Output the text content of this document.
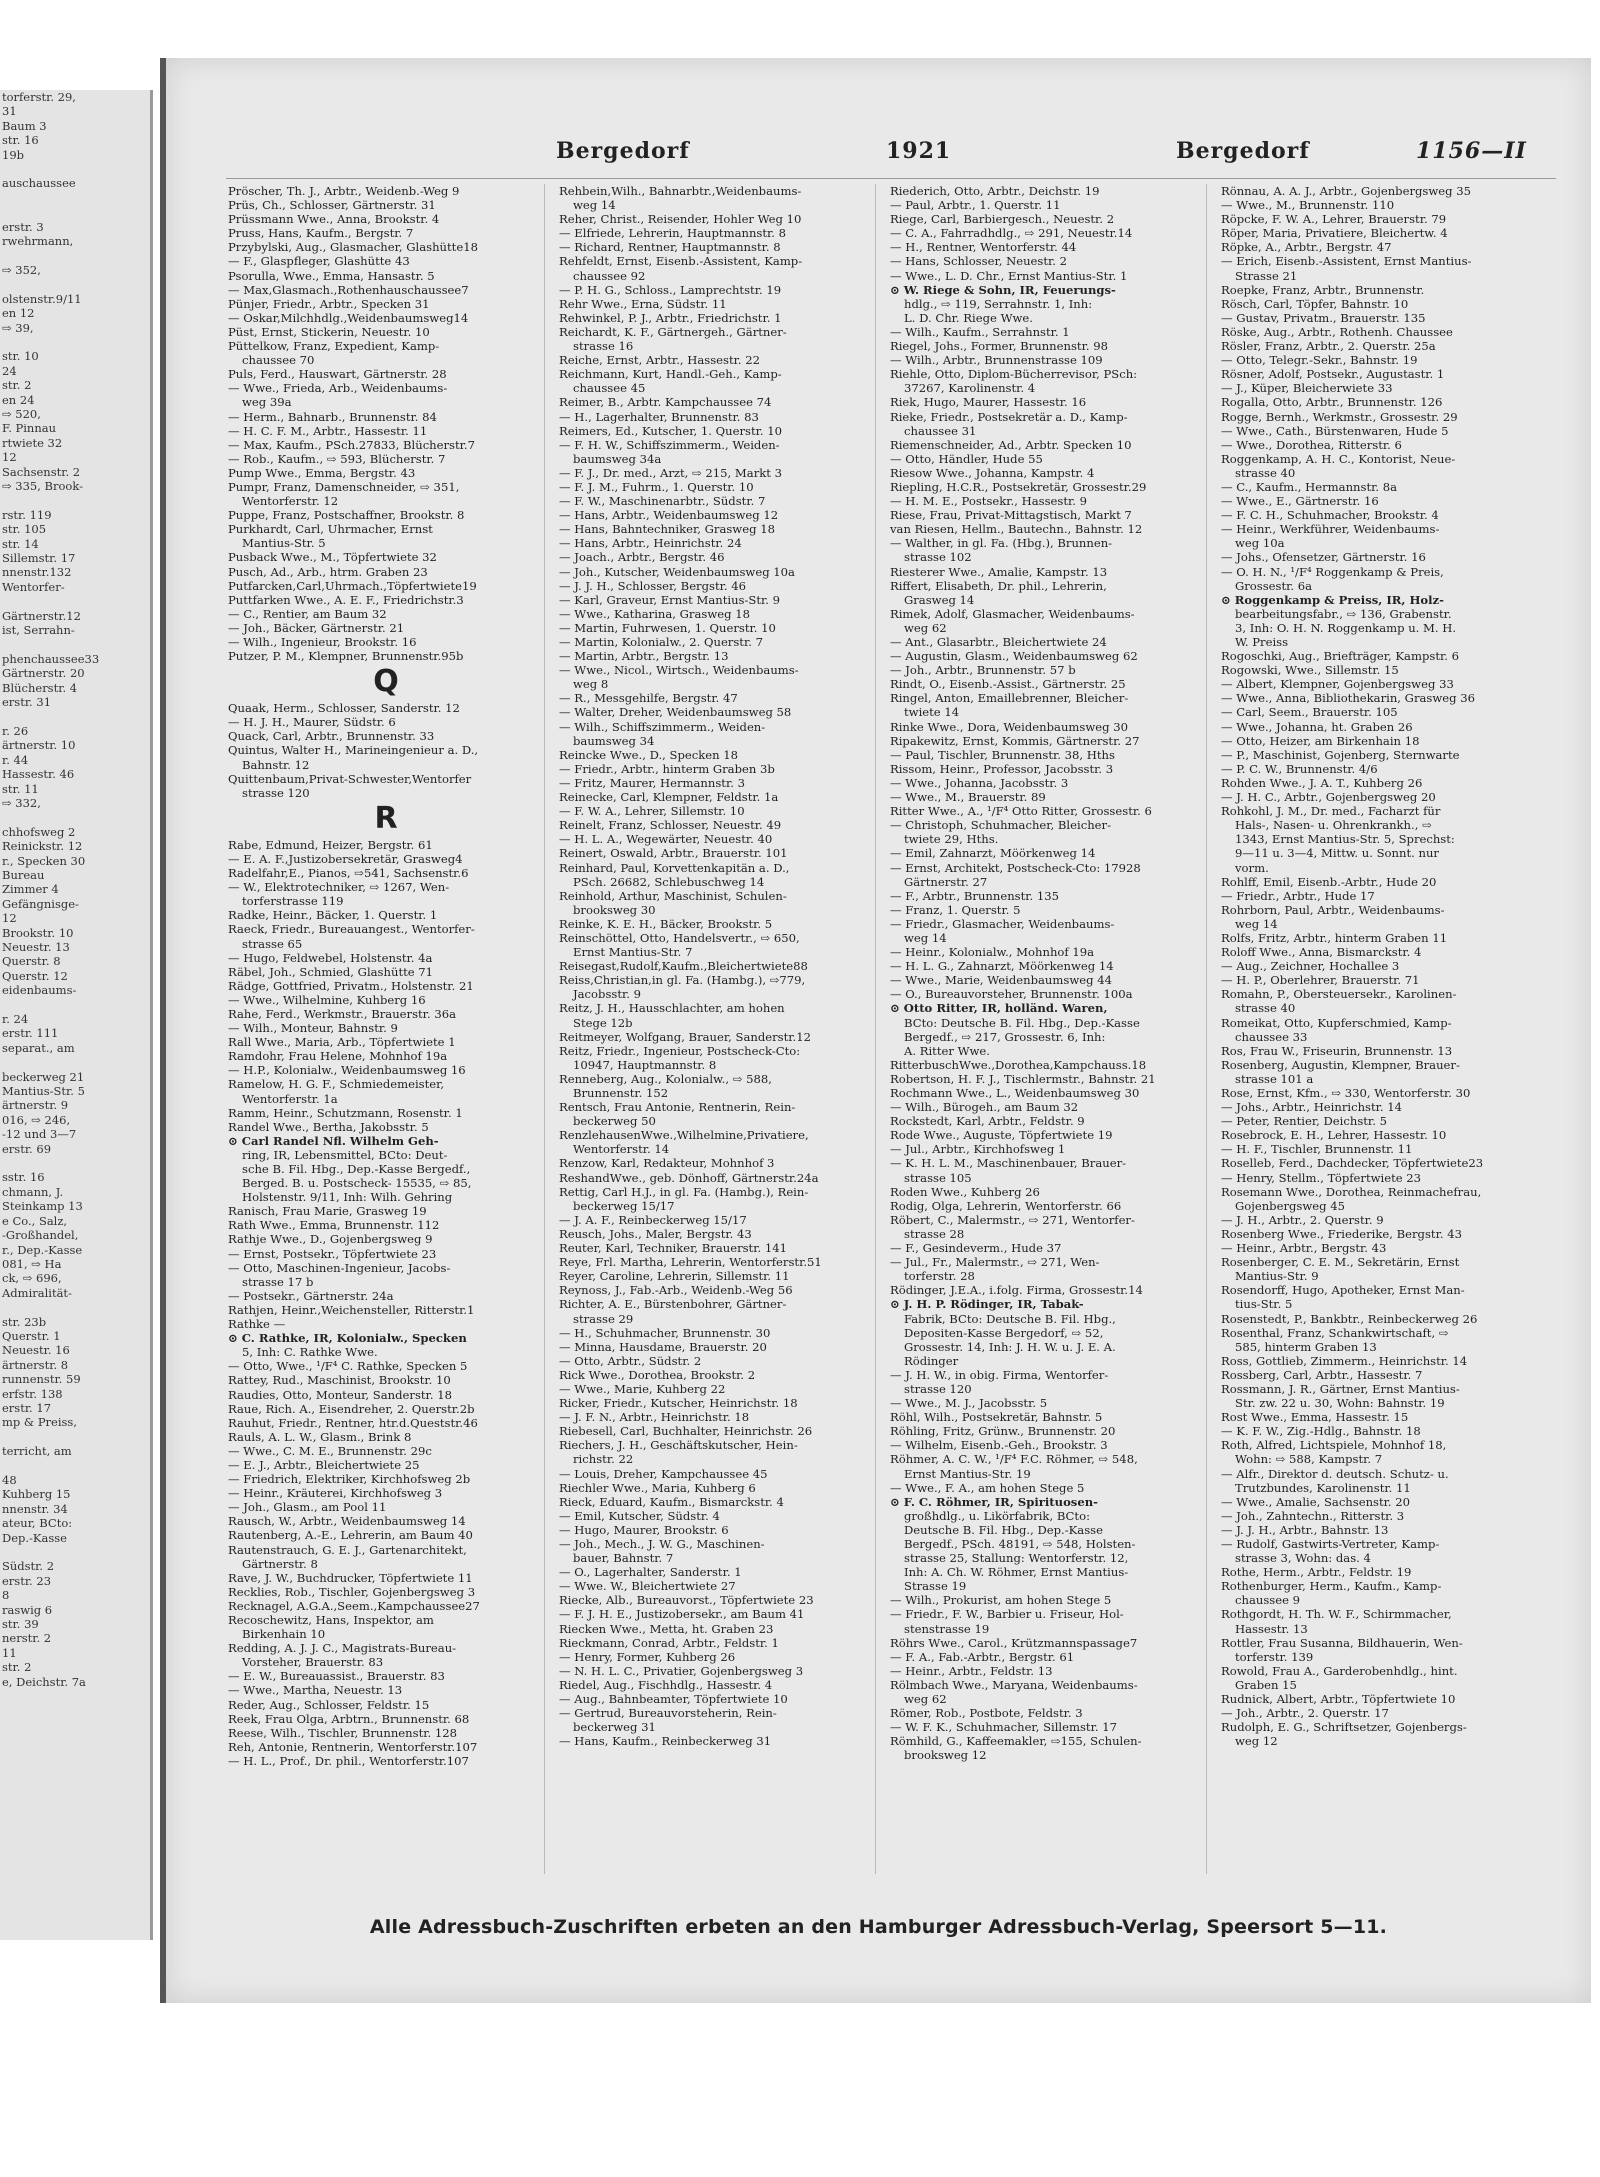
torferstr. 29,
31
Baum 3
str. 16
19b

auschaussee

erstr. 3
rwehrmann,

⇨ 352,

olstenstr.9/11
en 12
⇨ 39,

str. 10
24
str. 2
en 24
⇨ 520,
F. Pinnau
rtwiete 32
12
Sachsenstr. 2
⇨ 335, Brook-

rstr. 119
str. 105
str. 14
Sillemstr. 17
nnenstr.132
Wentorfer-

Gärtnerstr.12
ist, Serrahn-

phenchaussee33
Gärtnerstr. 20
Blücherstr. 4
erstr. 31

r. 26
ärtnerstr. 10
r. 44
Hassestr. 46
str. 11
⇨ 332,

chhofsweg 2
Reinickstr. 12
r., Specken 30
Bureau
Zimmer 4
Gefängnisge-
12
Brookstr. 10
Neuestr. 13
Querstr. 8
Querstr. 12
eidenbaums-

r. 24
erstr. 111
separat., am

beckerweg 21
Mantius-Str. 5
ärtnerstr. 9
016, ⇨ 246,
-12 und 3—7
erstr. 69

sstr. 16
chmann, J.
Steinkamp 13
e Co., Salz,
-Großhandel,
r., Dep.-Kasse
081, ⇨ Ha
ck, ⇨ 696,
Admiralität-

str. 23b
Querstr. 1
Neuestr. 16
ärtnerstr. 8
runnenstr. 59
erfstr. 138
erstr. 17
mp & Preiss,

terricht, am

48
Kuhberg 15
nnenstr. 34
ateur, BCto:
Dep.-Kasse

Südstr. 2
erstr. 23
8
raswig 6
str. 39
nerstr. 2
11
str. 2
e, Deichstr. 7a
Bergedorf	1921	Bergedorf	1156—II
Pröscher, Th. J., Arbtr., Weidenb.-Weg 9
Prüs, Ch., Schlosser, Gärtnerstr. 31
Prüssmann Wwe., Anna, Brookstr. 4
Pruss, Hans, Kaufm., Bergstr. 7
Przybylski, Aug., Glasmacher, Glashütte18
— F., Glaspfleger, Glashütte 43
Psorulla, Wwe., Emma, Hansastr. 5
— Max,Glasmach.,Rothenhauschaussee7
Pünjer, Friedr., Arbtr., Specken 31
— Oskar,Milchhdlg.,Weidenbaumsweg14
Püst, Ernst, Stickerin, Neuestr. 10
Püttelkow, Franz, Expedient, Kamp-
chaussee 70
Puls, Ferd., Hauswart, Gärtnerstr. 28
— Wwe., Frieda, Arb., Weidenbaums-
weg 39a
— Herm., Bahnarb., Brunnenstr. 84
— H. C. F. M., Arbtr., Hassestr. 11
— Max, Kaufm., PSch.27833, Blücherstr.7
— Rob., Kaufm., ⇨ 593, Blücherstr. 7
Pump Wwe., Emma, Bergstr. 43
Pumpr, Franz, Damenschneider, ⇨ 351,
Wentorferstr. 12
Puppe, Franz, Postschaffner, Brookstr. 8
Purkhardt, Carl, Uhrmacher, Ernst
Mantius-Str. 5
Pusback Wwe., M., Töpfertwiete 32
Pusch, Ad., Arb., htrm. Graben 23
Putfarcken,Carl,Uhrmach.,Töpfertwiete19
Puttfarken Wwe., A. E. F., Friedrichstr.3
— C., Rentier, am Baum 32
— Joh., Bäcker, Gärtnerstr. 21
— Wilh., Ingenieur, Brookstr. 16
Putzer, P. M., Klempner, Brunnenstr.95b
Q
Quaak, Herm., Schlosser, Sanderstr. 12
— H. J. H., Maurer, Südstr. 6
Quack, Carl, Arbtr., Brunnenstr. 33
Quintus, Walter H., Marineingenieur a. D.,
Bahnstr. 12
Quittenbaum,Privat-Schwester,Wentorfer
strasse 120
R
Rabe, Edmund, Heizer, Bergstr. 61
— E. A. F.,Justizobersekretär, Grasweg4
Radelfahr,E., Pianos, ⇨541, Sachsenstr.6
— W., Elektrotechniker, ⇨ 1267, Wen-
torferstrasse 119
Radke, Heinr., Bäcker, 1. Querstr. 1
Raeck, Friedr., Bureauangest., Wentorfer-
strasse 65
— Hugo, Feldwebel, Holstenstr. 4a
Räbel, Joh., Schmied, Glashütte 71
Rädge, Gottfried, Privatm., Holstenstr. 21
— Wwe., Wilhelmine, Kuhberg 16
Rahe, Ferd., Werkmstr., Brauerstr. 36a
— Wilh., Monteur, Bahnstr. 9
Rall Wwe., Maria, Arb., Töpfertwiete 1
Ramdohr, Frau Helene, Mohnhof 19a
— H.P., Kolonialw., Weidenbaumsweg 16
Ramelow, H. G. F., Schmiedemeister,
Wentorferstr. 1a
Ramm, Heinr., Schutzmann, Rosenstr. 1
Randel Wwe., Bertha, Jakobsstr. 5
⊙ Carl Randel Nfl. Wilhelm Geh-
ring, IR, Lebensmittel, BCto: Deut-
sche B. Fil. Hbg., Dep.-Kasse Bergedf.,
Berged. B. u. Postscheck- 15535, ⇨ 85,
Holstenstr. 9/11, Inh: Wilh. Gehring
Ranisch, Frau Marie, Grasweg 19
Rath Wwe., Emma, Brunnenstr. 112
Rathje Wwe., D., Gojenbergsweg 9
— Ernst, Postsekr., Töpfertwiete 23
— Otto, Maschinen-Ingenieur, Jacobs-
strasse 17 b
— Postsekr., Gärtnerstr. 24a
Rathjen, Heinr.,Weichensteller, Ritterstr.1
Rathke —
⊙ C. Rathke, IR, Kolonialw., Specken
5, Inh: C. Rathke Wwe.
— Otto, Wwe., ¹/F⁴ C. Rathke, Specken 5
Rattey, Rud., Maschinist, Brookstr. 10
Raudies, Otto, Monteur, Sanderstr. 18
Raue, Rich. A., Eisendreher, 2. Querstr.2b
Rauhut, Friedr., Rentner, htr.d.Queststr.46
Rauls, A. L. W., Glasm., Brink 8
— Wwe., C. M. E., Brunnenstr. 29c
— E. J., Arbtr., Bleichertwiete 25
— Friedrich, Elektriker, Kirchhofsweg 2b
— Heinr., Kräuterei, Kirchhofsweg 3
— Joh., Glasm., am Pool 11
Rausch, W., Arbtr., Weidenbaumsweg 14
Rautenberg, A.-E., Lehrerin, am Baum 40
Rautenstrauch, G. E. J., Gartenarchitekt,
Gärtnerstr. 8
Rave, J. W., Buchdrucker, Töpfertwiete 11
Recklies, Rob., Tischler, Gojenbergsweg 3
Recknagel, A.G.A.,Seem.,Kampchaussee27
Recoschewitz, Hans, Inspektor, am
Birkenhain 10
Redding, A. J. J. C., Magistrats-Bureau-
Vorsteher, Brauerstr. 83
— E. W., Bureauassist., Brauerstr. 83
— Wwe., Martha, Neuestr. 13
Reder, Aug., Schlosser, Feldstr. 15
Reek, Frau Olga, Arbtrn., Brunnenstr. 68
Reese, Wilh., Tischler, Brunnenstr. 128
Reh, Antonie, Rentnerin, Wentorferstr.107
— H. L., Prof., Dr. phil., Wentorferstr.107
Rehbein,Wilh., Bahnarbtr.,Weidenbaums-
weg 14
Reher, Christ., Reisender, Hohler Weg 10
— Elfriede, Lehrerin, Hauptmannstr. 8
— Richard, Rentner, Hauptmannstr. 8
Rehfeldt, Ernst, Eisenb.-Assistent, Kamp-
chaussee 92
— P. H. G., Schloss., Lamprechtstr. 19
Rehr Wwe., Erna, Südstr. 11
Rehwinkel, P. J., Arbtr., Friedrichstr. 1
Reichardt, K. F., Gärtnergeh., Gärtner-
strasse 16
Reiche, Ernst, Arbtr., Hassestr. 22
Reichmann, Kurt, Handl.-Geh., Kamp-
chaussee 45
Reimer, B., Arbtr. Kampchaussee 74
— H., Lagerhalter, Brunnenstr. 83
Reimers, Ed., Kutscher, 1. Querstr. 10
— F. H. W., Schiffszimmerm., Weiden-
baumsweg 34a
— F. J., Dr. med., Arzt, ⇨ 215, Markt 3
— F. J. M., Fuhrm., 1. Querstr. 10
— F. W., Maschinenarbtr., Südstr. 7
— Hans, Arbtr., Weidenbaumsweg 12
— Hans, Bahntechniker, Grasweg 18
— Hans, Arbtr., Heinrichstr. 24
— Joach., Arbtr., Bergstr. 46
— Joh., Kutscher, Weidenbaumsweg 10a
— J. J. H., Schlosser, Bergstr. 46
— Karl, Graveur, Ernst Mantius-Str. 9
— Wwe., Katharina, Grasweg 18
— Martin, Fuhrwesen, 1. Querstr. 10
— Martin, Kolonialw., 2. Querstr. 7
— Martin, Arbtr., Bergstr. 13
— Wwe., Nicol., Wirtsch., Weidenbaums-
weg 8
— R., Messgehilfe, Bergstr. 47
— Walter, Dreher, Weidenbaumsweg 58
— Wilh., Schiffszimmerm., Weiden-
baumsweg 34
Reincke Wwe., D., Specken 18
— Friedr., Arbtr., hinterm Graben 3b
— Fritz, Maurer, Hermannstr. 3
Reinecke, Carl, Klempner, Feldstr. 1a
— F. W. A., Lehrer, Sillemstr. 10
Reinelt, Franz, Schlosser, Neuestr. 49
— H. L. A., Wegewärter, Neuestr. 40
Reinert, Oswald, Arbtr., Brauerstr. 101
Reinhard, Paul, Korvettenkapitän a. D.,
PSch. 26682, Schlebuschweg 14
Reinhold, Arthur, Maschinist, Schulen-
brooksweg 30
Reinke, K. E. H., Bäcker, Brookstr. 5
Reinschöttel, Otto, Handelsvertr., ⇨ 650,
Ernst Mantius-Str. 7
Reisegast,Rudolf,Kaufm.,Bleichertwiete88
Reiss,Christian,in gl. Fa. (Hambg.), ⇨779,
Jacobsstr. 9
Reitz, J. H., Hausschlachter, am hohen
Stege 12b
Reitmeyer, Wolfgang, Brauer, Sanderstr.12
Reitz, Friedr., Ingenieur, Postscheck-Cto:
10947, Hauptmannstr. 8
Renneberg, Aug., Kolonialw., ⇨ 588,
Brunnenstr. 152
Rentsch, Frau Antonie, Rentnerin, Rein-
beckerweg 50
RenzlehausenWwe.,Wilhelmine,Privatiere,
Wentorferstr. 14
Renzow, Karl, Redakteur, Mohnhof 3
ReshandWwe., geb. Dönhoff, Gärtnerstr.24a
Rettig, Carl H.J., in gl. Fa. (Hambg.), Rein-
beckerweg 15/17
— J. A. F., Reinbeckerweg 15/17
Reusch, Johs., Maler, Bergstr. 43
Reuter, Karl, Techniker, Brauerstr. 141
Reye, Frl. Martha, Lehrerin, Wentorferstr.51
Reyer, Caroline, Lehrerin, Sillemstr. 11
Reynoss, J., Fab.-Arb., Weidenb.-Weg 56
Richter, A. E., Bürstenbohrer, Gärtner-
strasse 29
— H., Schuhmacher, Brunnenstr. 30
— Minna, Hausdame, Brauerstr. 20
— Otto, Arbtr., Südstr. 2
Rick Wwe., Dorothea, Brookstr. 2
— Wwe., Marie, Kuhberg 22
Ricker, Friedr., Kutscher, Heinrichstr. 18
— J. F. N., Arbtr., Heinrichstr. 18
Riebesell, Carl, Buchhalter, Heinrichstr. 26
Riechers, J. H., Geschäftskutscher, Hein-
richstr. 22
— Louis, Dreher, Kampchaussee 45
Riechler Wwe., Maria, Kuhberg 6
Rieck, Eduard, Kaufm., Bismarckstr. 4
— Emil, Kutscher, Südstr. 4
— Hugo, Maurer, Brookstr. 6
— Joh., Mech., J. W. G., Maschinen-
bauer, Bahnstr. 7
— O., Lagerhalter, Sanderstr. 1
— Wwe. W., Bleichertwiete 27
Riecke, Alb., Bureauvorst., Töpfertwiete 23
— F. J. H. E., Justizobersekr., am Baum 41
Riecken Wwe., Metta, ht. Graben 23
Rieckmann, Conrad, Arbtr., Feldstr. 1
— Henry, Former, Kuhberg 26
— N. H. L. C., Privatier, Gojenbergsweg 3
Riedel, Aug., Fischhdlg., Hassestr. 4
— Aug., Bahnbeamter, Töpfertwiete 10
— Gertrud, Bureauvorsteherin, Rein-
beckerweg 31
— Hans, Kaufm., Reinbeckerweg 31
Riederich, Otto, Arbtr., Deichstr. 19
— Paul, Arbtr., 1. Querstr. 11
Riege, Carl, Barbiergesch., Neuestr. 2
— C. A., Fahrradhdlg., ⇨ 291, Neuestr.14
— H., Rentner, Wentorferstr. 44
— Hans, Schlosser, Neuestr. 2
— Wwe., L. D. Chr., Ernst Mantius-Str. 1
⊙ W. Riege & Sohn, IR, Feuerungs-
hdlg., ⇨ 119, Serrahnstr. 1, Inh:
L. D. Chr. Riege Wwe.
— Wilh., Kaufm., Serrahnstr. 1
Riegel, Johs., Former, Brunnenstr. 98
— Wilh., Arbtr., Brunnenstrasse 109
Riehle, Otto, Diplom-Bücherrevisor, PSch:
37267, Karolinenstr. 4
Riek, Hugo, Maurer, Hassestr. 16
Rieke, Friedr., Postsekretär a. D., Kamp-
chaussee 31
Riemenschneider, Ad., Arbtr. Specken 10
— Otto, Händler, Hude 55
Riesow Wwe., Johanna, Kampstr. 4
Riepling, H.C.R., Postsekretär, Grossestr.29
— H. M. E., Postsekr., Hassestr. 9
Riese, Frau, Privat-Mittagstisch, Markt 7
van Riesen, Hellm., Bautechn., Bahnstr. 12
— Walther, in gl. Fa. (Hbg.), Brunnen-
strasse 102
Riesterer Wwe., Amalie, Kampstr. 13
Riffert, Elisabeth, Dr. phil., Lehrerin,
Grasweg 14
Rimek, Adolf, Glasmacher, Weidenbaums-
weg 62
— Ant., Glasarbtr., Bleichertwiete 24
— Augustin, Glasm., Weidenbaumsweg 62
— Joh., Arbtr., Brunnenstr. 57 b
Rindt, O., Eisenb.-Assist., Gärtnerstr. 25
Ringel, Anton, Emaillebrenner, Bleicher-
twiete 14
Rinke Wwe., Dora, Weidenbaumsweg 30
Ripakewitz, Ernst, Kommis, Gärtnerstr. 27
— Paul, Tischler, Brunnenstr. 38, Hths
Rissom, Heinr., Professor, Jacobsstr. 3
— Wwe., Johanna, Jacobsstr. 3
— Wwe., M., Brauerstr. 89
Ritter Wwe., A., ¹/F⁴ Otto Ritter, Grossestr. 6
— Christoph, Schuhmacher, Bleicher-
twiete 29, Hths.
— Emil, Zahnarzt, Möörkenweg 14
— Ernst, Architekt, Postscheck-Cto: 17928
Gärtnerstr. 27
— F., Arbtr., Brunnenstr. 135
— Franz, 1. Querstr. 5
— Friedr., Glasmacher, Weidenbaums-
weg 14
— Heinr., Kolonialw., Mohnhof 19a
— H. L. G., Zahnarzt, Möörkenweg 14
— Wwe., Marie, Weidenbaumsweg 44
— O., Bureauvorsteher, Brunnenstr. 100a
⊙ Otto Ritter, IR, holländ. Waren,
BCto: Deutsche B. Fil. Hbg., Dep.-Kasse
Bergedf., ⇨ 217, Grossestr. 6, Inh:
A. Ritter Wwe.
RitterbuschWwe.,Dorothea,Kampchauss.18
Robertson, H. F. J., Tischlermstr., Bahnstr. 21
Rochmann Wwe., L., Weidenbaumsweg 30
— Wilh., Bürogeh., am Baum 32
Rockstedt, Karl, Arbtr., Feldstr. 9
Rode Wwe., Auguste, Töpfertwiete 19
— Jul., Arbtr., Kirchhofsweg 1
— K. H. L. M., Maschinenbauer, Brauer-
strasse 105
Roden Wwe., Kuhberg 26
Rodig, Olga, Lehrerin, Wentorferstr. 66
Röbert, C., Malermstr., ⇨ 271, Wentorfer-
strasse 28
— F., Gesindeverm., Hude 37
— Jul., Fr., Malermstr., ⇨ 271, Wen-
torferstr. 28
Rödinger, J.E.A., i.folg. Firma, Grossestr.14
⊙ J. H. P. Rödinger, IR, Tabak-
Fabrik, BCto: Deutsche B. Fil. Hbg.,
Depositen-Kasse Bergedorf, ⇨ 52,
Grossestr. 14, Inh: J. H. W. u. J. E. A.
Rödinger
— J. H. W., in obig. Firma, Wentorfer-
strasse 120
— Wwe., M. J., Jacobsstr. 5
Röhl, Wilh., Postsekretär, Bahnstr. 5
Röhling, Fritz, Grünw., Brunnenstr. 20
— Wilhelm, Eisenb.-Geh., Brookstr. 3
Röhmer, A. C. W., ¹/F⁴ F.C. Röhmer, ⇨ 548,
Ernst Mantius-Str. 19
— Wwe., F. A., am hohen Stege 5
⊙ F. C. Röhmer, IR, Spirituosen-
großhdlg., u. Likörfabrik, BCto:
Deutsche B. Fil. Hbg., Dep.-Kasse
Bergedf., PSch. 48191, ⇨ 548, Holsten-
strasse 25, Stallung: Wentorferstr. 12,
Inh: A. Ch. W. Röhmer, Ernst Mantius-
Strasse 19
— Wilh., Prokurist, am hohen Stege 5
— Friedr., F. W., Barbier u. Friseur, Hol-
stenstrasse 19
Röhrs Wwe., Carol., Krützmannspassage7
— F. A., Fab.-Arbtr., Bergstr. 61
— Heinr., Arbtr., Feldstr. 13
Rölmbach Wwe., Maryana, Weidenbaums-
weg 62
Römer, Rob., Postbote, Feldstr. 3
— W. F. K., Schuhmacher, Sillemstr. 17
Römhild, G., Kaffeemakler, ⇨155, Schulen-
brooksweg 12
Rönnau, A. A. J., Arbtr., Gojenbergsweg 35
— Wwe., M., Brunnenstr. 110
Röpcke, F. W. A., Lehrer, Brauerstr. 79
Röper, Maria, Privatiere, Bleichertw. 4
Röpke, A., Arbtr., Bergstr. 47
— Erich, Eisenb.-Assistent, Ernst Mantius-
Strasse 21
Roepke, Franz, Arbtr., Brunnenstr.
Rösch, Carl, Töpfer, Bahnstr. 10
— Gustav, Privatm., Brauerstr. 135
Röske, Aug., Arbtr., Rothenh. Chaussee
Rösler, Franz, Arbtr., 2. Querstr. 25a
— Otto, Telegr.-Sekr., Bahnstr. 19
Rösner, Adolf, Postsekr., Augustastr. 1
— J., Küper, Bleicherwiete 33
Rogalla, Otto, Arbtr., Brunnenstr. 126
Rogge, Bernh., Werkmstr., Grossestr. 29
— Wwe., Cath., Bürstenwaren, Hude 5
— Wwe., Dorothea, Ritterstr. 6
Roggenkamp, A. H. C., Kontorist, Neue-
strasse 40
— C., Kaufm., Hermannstr. 8a
— Wwe., E., Gärtnerstr. 16
— F. C. H., Schuhmacher, Brookstr. 4
— Heinr., Werkführer, Weidenbaums-
weg 10a
— Johs., Ofensetzer, Gärtnerstr. 16
— O. H. N., ¹/F⁴ Roggenkamp & Preis,
Grossestr. 6a
⊙ Roggenkamp & Preiss, IR, Holz-
bearbeitungsfabr., ⇨ 136, Grabenstr.
3, Inh: O. H. N. Roggenkamp u. M. H.
W. Preiss
Rogoschki, Aug., Briefträger, Kampstr. 6
Rogowski, Wwe., Sillemstr. 15
— Albert, Klempner, Gojenbergsweg 33
— Wwe., Anna, Bibliothekarin, Grasweg 36
— Carl, Seem., Brauerstr. 105
— Wwe., Johanna, ht. Graben 26
— Otto, Heizer, am Birkenhain 18
— P., Maschinist, Gojenberg, Sternwarte
— P. C. W., Brunnenstr. 4/6
Rohden Wwe., J. A. T., Kuhberg 26
— J. H. C., Arbtr., Gojenbergsweg 20
Rohkohl, J. M., Dr. med., Facharzt für
Hals-, Nasen- u. Ohrenkrankh., ⇨
1343, Ernst Mantius-Str. 5, Sprechst:
9—11 u. 3—4, Mittw. u. Sonnt. nur
vorm.
Rohlff, Emil, Eisenb.-Arbtr., Hude 20
— Friedr., Arbtr., Hude 17
Rohrborn, Paul, Arbtr., Weidenbaums-
weg 14
Rolfs, Fritz, Arbtr., hinterm Graben 11
Roloff Wwe., Anna, Bismarckstr. 4
— Aug., Zeichner, Hochallee 3
— H. P., Oberlehrer, Brauerstr. 71
Romahn, P., Obersteuersekr., Karolinen-
strasse 40
Romeikat, Otto, Kupferschmied, Kamp-
chaussee 33
Ros, Frau W., Friseurin, Brunnenstr. 13
Rosenberg, Augustin, Klempner, Brauer-
strasse 101 a
Rose, Ernst, Kfm., ⇨ 330, Wentorferstr. 30
— Johs., Arbtr., Heinrichstr. 14
— Peter, Rentier, Deichstr. 5
Rosebrock, E. H., Lehrer, Hassestr. 10
— H. F., Tischler, Brunnenstr. 11
Roselleb, Ferd., Dachdecker, Töpfertwiete23
— Henry, Stellm., Töpfertwiete 23
Rosemann Wwe., Dorothea, Reinmachefrau,
Gojenbergsweg 45
— J. H., Arbtr., 2. Querstr. 9
Rosenberg Wwe., Friederike, Bergstr. 43
— Heinr., Arbtr., Bergstr. 43
Rosenberger, C. E. M., Sekretärin, Ernst
Mantius-Str. 9
Rosendorff, Hugo, Apotheker, Ernst Man-
tius-Str. 5
Rosenstedt, P., Bankbtr., Reinbeckerweg 26
Rosenthal, Franz, Schankwirtschaft, ⇨
585, hinterm Graben 13
Ross, Gottlieb, Zimmerm., Heinrichstr. 14
Rossberg, Carl, Arbtr., Hassestr. 7
Rossmann, J. R., Gärtner, Ernst Mantius-
Str. zw. 22 u. 30, Wohn: Bahnstr. 19
Rost Wwe., Emma, Hassestr. 15
— K. F. W., Zig.-Hdlg., Bahnstr. 18
Roth, Alfred, Lichtspiele, Mohnhof 18,
Wohn: ⇨ 588, Kampstr. 7
— Alfr., Direktor d. deutsch. Schutz- u.
Trutzbundes, Karolinenstr. 11
— Wwe., Amalie, Sachsenstr. 20
— Joh., Zahntechn., Ritterstr. 3
— J. J. H., Arbtr., Bahnstr. 13
— Rudolf, Gastwirts-Vertreter, Kamp-
strasse 3, Wohn: das. 4
Rothe, Herm., Arbtr., Feldstr. 19
Rothenburger, Herm., Kaufm., Kamp-
chaussee 9
Rothgordt, H. Th. W. F., Schirmmacher,
Hassestr. 13
Rottler, Frau Susanna, Bildhauerin, Wen-
torferstr. 139
Rowold, Frau A., Garderobenhdlg., hint.
Graben 15
Rudnick, Albert, Arbtr., Töpfertwiete 10
— Joh., Arbtr., 2. Querstr. 17
Rudolph, E. G., Schriftsetzer, Gojenbergs-
weg 12
Alle Adressbuch-Zuschriften erbeten an den Hamburger Adressbuch-Verlag, Speersort 5—11.
